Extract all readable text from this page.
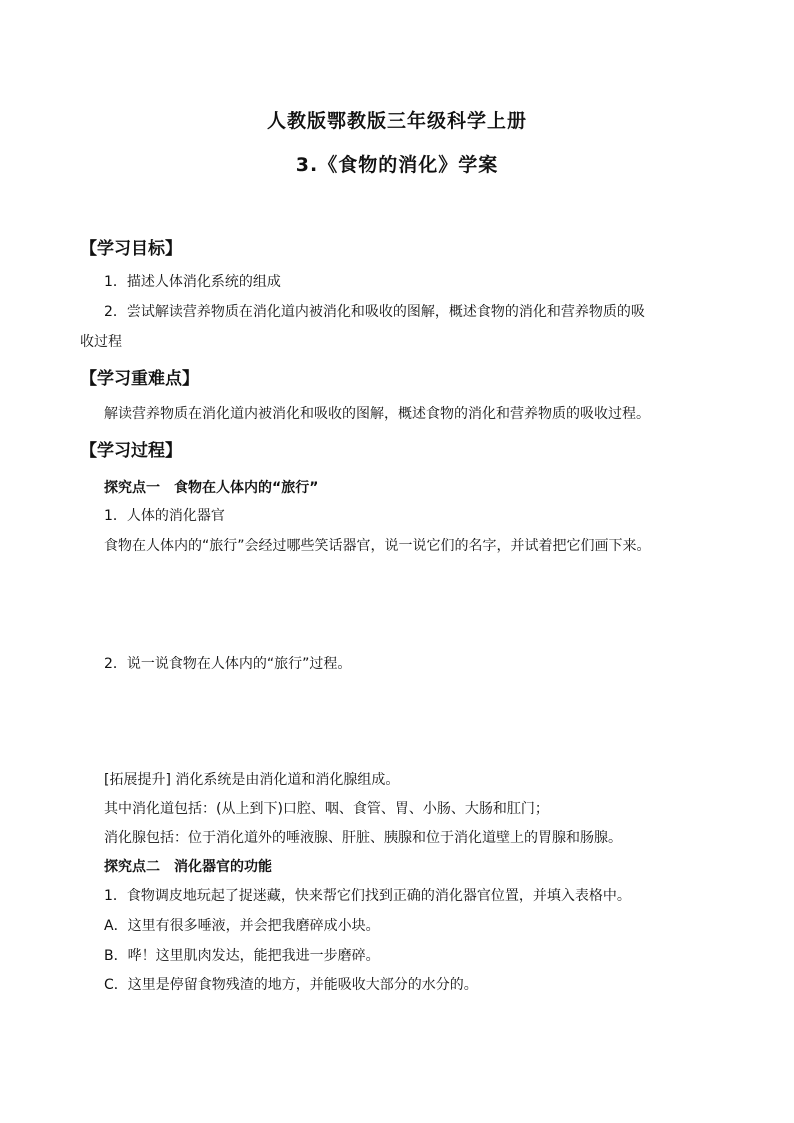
人教版鄂教版三年级科学上册
3.《食物的消化》学案
【学习目标】
1．描述人体消化系统的组成
2．尝试解读营养物质在消化道内被消化和吸收的图解，概述食物的消化和营养物质的吸
收过程
【学习重难点】
解读营养物质在消化道内被消化和吸收的图解，概述食物的消化和营养物质的吸收过程。
【学习过程】
探究点一　食物在人体内的“旅行”
1．人体的消化器官
食物在人体内的“旅行”会经过哪些笑话器官，说一说它们的名字，并试着把它们画下来。
2．说一说食物在人体内的“旅行”过程。
[拓展提升] 消化系统是由消化道和消化腺组成。
其中消化道包括：(从上到下)口腔、咽、食管、胃、小肠、大肠和肛门；
消化腺包括：位于消化道外的唾液腺、肝脏、胰腺和位于消化道壁上的胃腺和肠腺。
探究点二　消化器官的功能
1．食物调皮地玩起了捉迷藏，快来帮它们找到正确的消化器官位置，并填入表格中。
A．这里有很多唾液，并会把我磨碎成小块。
B．哗！这里肌肉发达，能把我进一步磨碎。
C．这里是停留食物残渣的地方，并能吸收大部分的水分的。
